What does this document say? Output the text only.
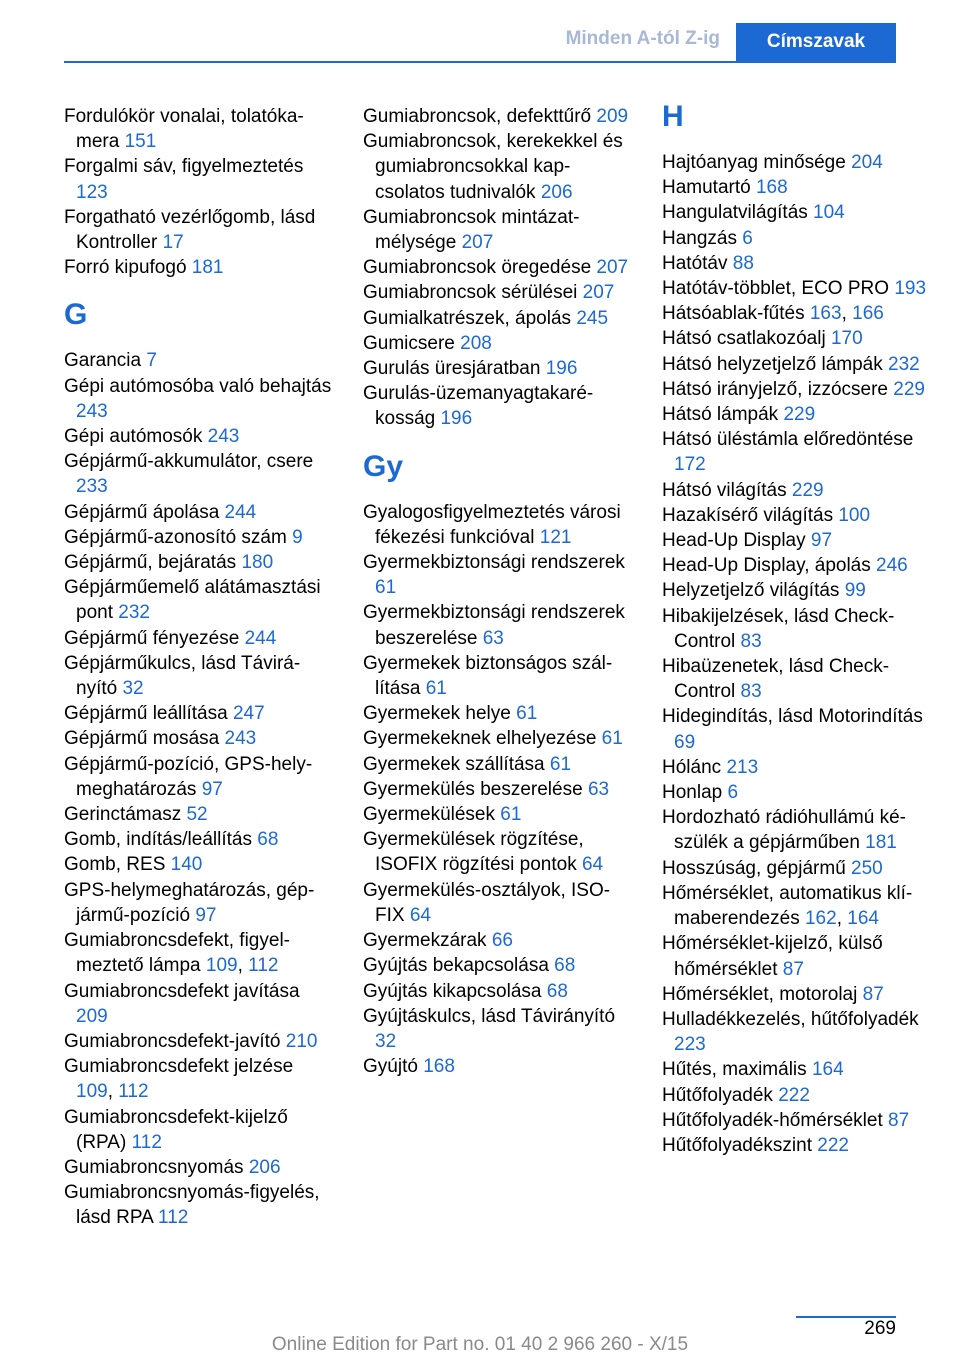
Minden A-tól Z-ig	Címszavak

Fordulókör vonalai, tolatókamera 151

Forgalmi sáv, figyelmeztetés 123

Forgatható vezérlőgomb, lásd Kontroller 17

Forró kipufogó 181

G

Garancia 7

Gépi autómosóba való behajtás 243

Gépi autómosók 243

Gépjármű-akkumulátor, csere 233

Gépjármű ápolása 244

Gépjármű-azonosító szám 9

Gépjármű, bejáratás 180

Gépjárműemelő alátámasztási pont 232

Gépjármű fényezése 244

Gépjárműkulcs, lásd Távirányító 32

Gépjármű leállítása 247

Gépjármű mosása 243

Gépjármű-pozíció, GPS-helymeghatározás 97

Gerinctámasz 52

Gomb, indítás/leállítás 68

Gomb, RES 140

GPS-helymeghatározás, gépjármű-pozíció 97

Gumiabroncsdefekt, figyelmeztető lámpa 109, 112

Gumiabroncsdefekt javítása 209

Gumiabroncsdefekt-javító 210

Gumiabroncsdefekt jelzése 109, 112

Gumiabroncsdefekt-kijelző (RPA) 112

Gumiabroncsnyomás 206

Gumiabroncsnyomás-figyelés, lásd RPA 112

Gumiabroncsok, defekttűrő 209

Gumiabroncsok, kerekekkel és gumiabroncsokkal kapcsolatos tudnivalók 206

Gumiabroncsok mintázatmélysége 207

Gumiabroncsok öregedése 207

Gumiabroncsok sérülései 207

Gumialkatrészek, ápolás 245

Gumicsere 208

Gurulás üresjáratban 196

Gurulás-üzemanyagtakarékosság 196

Gy

Gyalogosfigyelmeztetés városi fékezési funkcióval 121

Gyermekbiztonsági rendszerek 61

Gyermekbiztonsági rendszerek beszerelése 63

Gyermekek biztonságos szállítása 61

Gyermekek helye 61

Gyermekeknek elhelyezése 61

Gyermekek szállítása 61

Gyermekülés beszerelése 63

Gyermekülések 61

Gyermekülések rögzítése, ISOFIX rögzítési pontok 64

Gyermekülés-osztályok, ISO-FIX 64

Gyermekzárak 66

Gyújtás bekapcsolása 68

Gyújtás kikapcsolása 68

Gyújtáskulcs, lásd Távirányító 32

Gyújtó 168

H

Hajtóanyag minősége 204

Hamutartó 168

Hangulatvilágítás 104

Hangzás 6

Hatótáv 88

Hatótáv-többlet, ECO PRO 193

Hátsóablak-fűtés 163, 166

Hátsó csatlakozóalj 170

Hátsó helyzetjelző lámpák 232

Hátsó irányjelző, izzócsere 229

Hátsó lámpák 229

Hátsó üléstámla előredöntése 172

Hátsó világítás 229

Hazakísérő világítás 100

Head-Up Display 97

Head-Up Display, ápolás 246

Helyzetjelző világítás 99

Hibakijelzések, lásd Check-Control 83

Hibaüzenetek, lásd Check-Control 83

Hidegindítás, lásd Motorindítás 69

Hólánc 213

Honlap 6

Hordozható rádióhullámú készülék a gépjárműben 181

Hosszúság, gépjármű 250

Hőmérséklet, automatikus klímaberendezés 162, 164

Hőmérséklet-kijelző, külső hőmérséklet 87

Hőmérséklet, motorolaj 87

Hulladékkezelés, hűtőfolyadék 223

Hűtés, maximális 164

Hűtőfolyadék 222

Hűtőfolyadék-hőmérséklet 87

Hűtőfolyadékszint 222

269
Online Edition for Part no. 01 40 2 966 260 - X/15
